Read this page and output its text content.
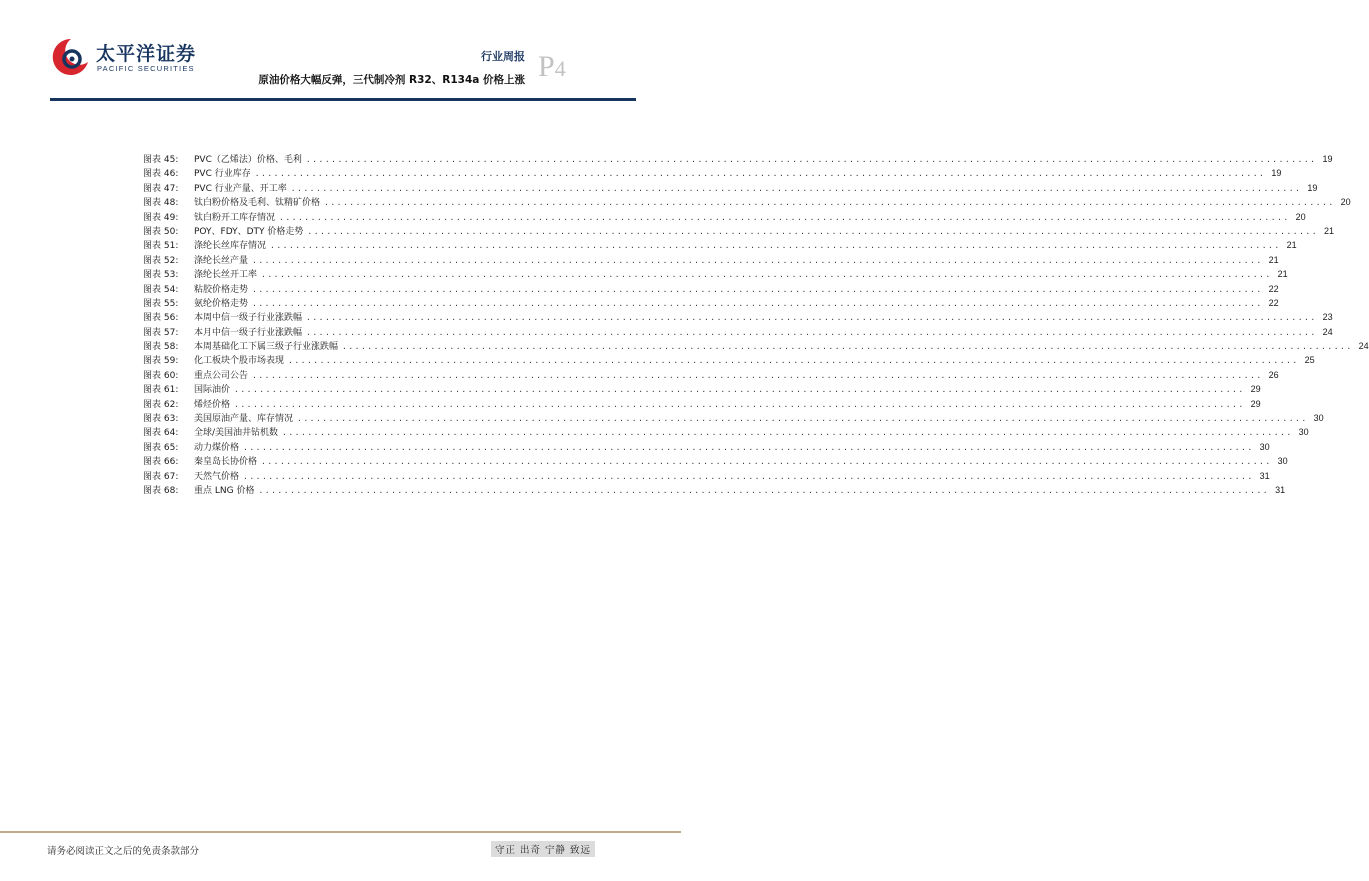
太平洋证券
PACIFIC SECURITIES
行业周报
原油价格大幅反弹，三代制冷剂 R32、R134a 价格上涨 P4
图表 45:	PVC（乙烯法）价格、毛利 ................................................................................................................................................................ 19
图表 46:	PVC 行业库存 ................................................................................................................................................................ 19
图表 47:	PVC 行业产量、开工率 ................................................................................................................................................................ 19
图表 48:	钛白粉价格及毛利、钛精矿价格 ................................................................................................................................................................ 20
图表 49:	钛白粉开工库存情况 ................................................................................................................................................................ 20
图表 50:	POY、FDY、DTY 价格走势 ................................................................................................................................................................ 21
图表 51:	涤纶长丝库存情况 ................................................................................................................................................................ 21
图表 52:	涤纶长丝产量 ................................................................................................................................................................ 21
图表 53:	涤纶长丝开工率 ................................................................................................................................................................ 21
图表 54:	粘胶价格走势 ................................................................................................................................................................ 22
图表 55:	氨纶价格走势 ................................................................................................................................................................ 22
图表 56:	本周中信一级子行业涨跌幅 ................................................................................................................................................................ 23
图表 57:	本月中信一级子行业涨跌幅 ................................................................................................................................................................ 24
图表 58:	本周基础化工下属三级子行业涨跌幅 ................................................................................................................................................................ 24
图表 59:	化工板块个股市场表现 ................................................................................................................................................................ 25
图表 60:	重点公司公告 ................................................................................................................................................................ 26
图表 61:	国际油价 ................................................................................................................................................................ 29
图表 62:	烯烃价格 ................................................................................................................................................................ 29
图表 63:	美国原油产量、库存情况 ................................................................................................................................................................ 30
图表 64:	全球/美国油井钻机数 ................................................................................................................................................................ 30
图表 65:	动力煤价格 ................................................................................................................................................................ 30
图表 66:	秦皇岛长协价格 ................................................................................................................................................................ 30
图表 67:	天然气价格 ................................................................................................................................................................ 31
图表 68:	重点 LNG 价格 ................................................................................................................................................................ 31
请务必阅读正文之后的免责条款部分	守正 出奇 宁静 致远
